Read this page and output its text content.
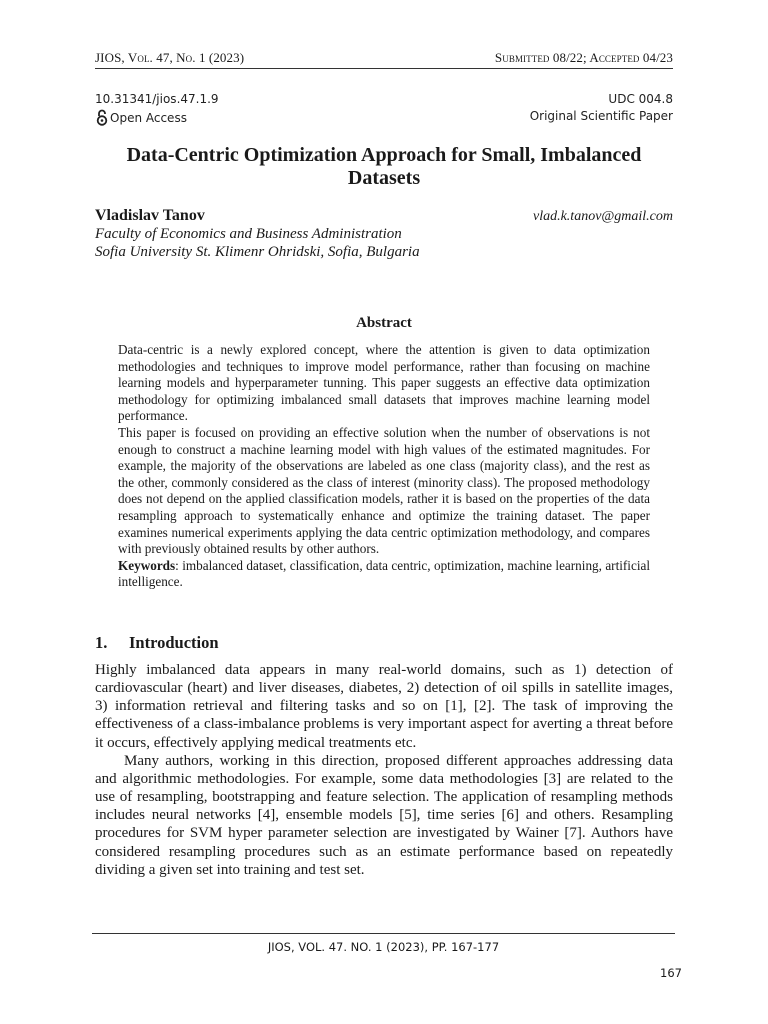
JIOS, Vol. 47, No. 1 (2023)	Submitted 08/22; Accepted 04/23
10.31341/jios.47.1.9	UDC 004.8
Open Access	Original Scientific Paper
Data-Centric Optimization Approach for Small, Imbalanced Datasets
Vladislav Tanov	vlad.k.tanov@gmail.com
Faculty of Economics and Business Administration
Sofia University St. Klimenr Ohridski, Sofia, Bulgaria
Abstract

Data-centric is a newly explored concept, where the attention is given to data optimization methodologies and techniques to improve model performance, rather than focusing on machine learning models and hyperparameter tunning. This paper suggests an effective data optimization methodology for optimizing imbalanced small datasets that improves machine learning model performance.

This paper is focused on providing an effective solution when the number of observations is not enough to construct a machine learning model with high values of the estimated magnitudes. For example, the majority of the observations are labeled as one class (majority class), and the rest as the other, commonly considered as the class of interest (minority class). The proposed methodology does not depend on the applied classification models, rather it is based on the properties of the data resampling approach to systematically enhance and optimize the training dataset. The paper examines numerical experiments applying the data centric optimization methodology, and compares with previously obtained results by other authors.

Keywords: imbalanced dataset, classification, data centric, optimization, machine learning, artificial intelligence.

1. Introduction

Highly imbalanced data appears in many real-world domains, such as 1) detection of cardiovascular (heart) and liver diseases, diabetes, 2) detection of oil spills in satellite images, 3) information retrieval and filtering tasks and so on [1], [2]. The task of improving the effectiveness of a class-imbalance problems is very important aspect for averting a threat before it occurs, effectively applying medical treatments etc.

Many authors, working in this direction, proposed different approaches addressing data and algorithmic methodologies. For example, some data methodologies [3] are related to the use of resampling, bootstrapping and feature selection. The application of resampling methods includes neural networks [4], ensemble models [5], time series [6] and others. Resampling procedures for SVM hyper parameter selection are investigated by Wainer [7]. Authors have considered resampling procedures such as an estimate performance based on repeatedly dividing a given set into training and test set.

JIOS, VOL. 47. NO. 1 (2023), PP. 167-177
167
